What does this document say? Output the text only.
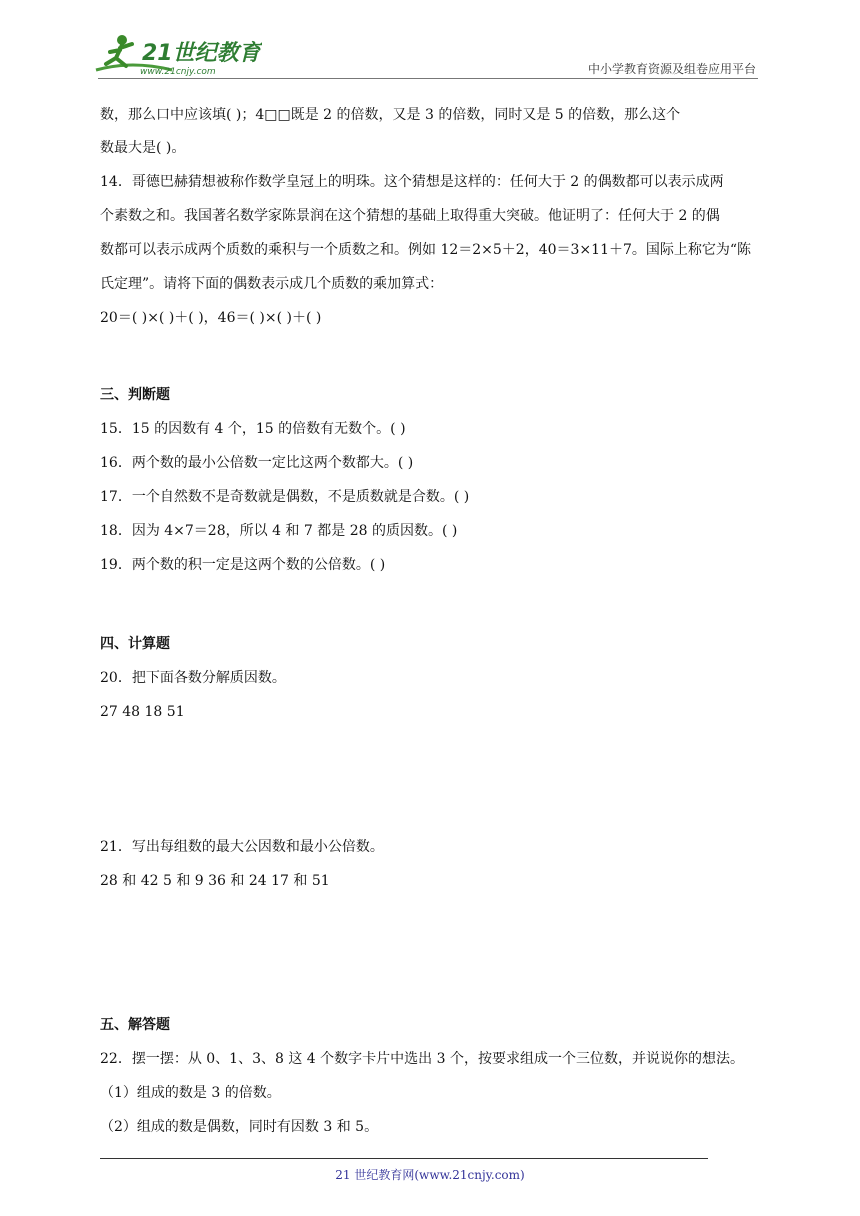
21世纪教育
www.21cnjy.com	中小学教育资源及组卷应用平台
数，那么口中应该填( )；4□□既是 2 的倍数，又是 3 的倍数，同时又是 5 的倍数，那么这个
数最大是( )。
14．哥德巴赫猜想被称作数学皇冠上的明珠。这个猜想是这样的：任何大于 2 的偶数都可以表示成两
个素数之和。我国著名数学家陈景润在这个猜想的基础上取得重大突破。他证明了：任何大于 2 的偶
数都可以表示成两个质数的乘积与一个质数之和。例如 12＝2×5＋2，40＝3×11＋7。国际上称它为“陈
氏定理”。请将下面的偶数表示成几个质数的乘加算式：
20＝( )×( )＋( )，46＝( )×( )＋( )
三、判断题
15．15 的因数有 4 个，15 的倍数有无数个。( )
16．两个数的最小公倍数一定比这两个数都大。( )
17．一个自然数不是奇数就是偶数，不是质数就是合数。( )
18．因为 4×7＝28，所以 4 和 7 都是 28 的质因数。( )
19．两个数的积一定是这两个数的公倍数。( )
四、计算题
20．把下面各数分解质因数。
27 48 18 51
21．写出每组数的最大公因数和最小公倍数。
28 和 42 5 和 9 36 和 24 17 和 51
五、解答题
22．摆一摆：从 0、1、3、8 这 4 个数字卡片中选出 3 个，按要求组成一个三位数，并说说你的想法。
（1）组成的数是 3 的倍数。
（2）组成的数是偶数，同时有因数 3 和 5。
21 世纪教育网(www.21cnjy.com)
